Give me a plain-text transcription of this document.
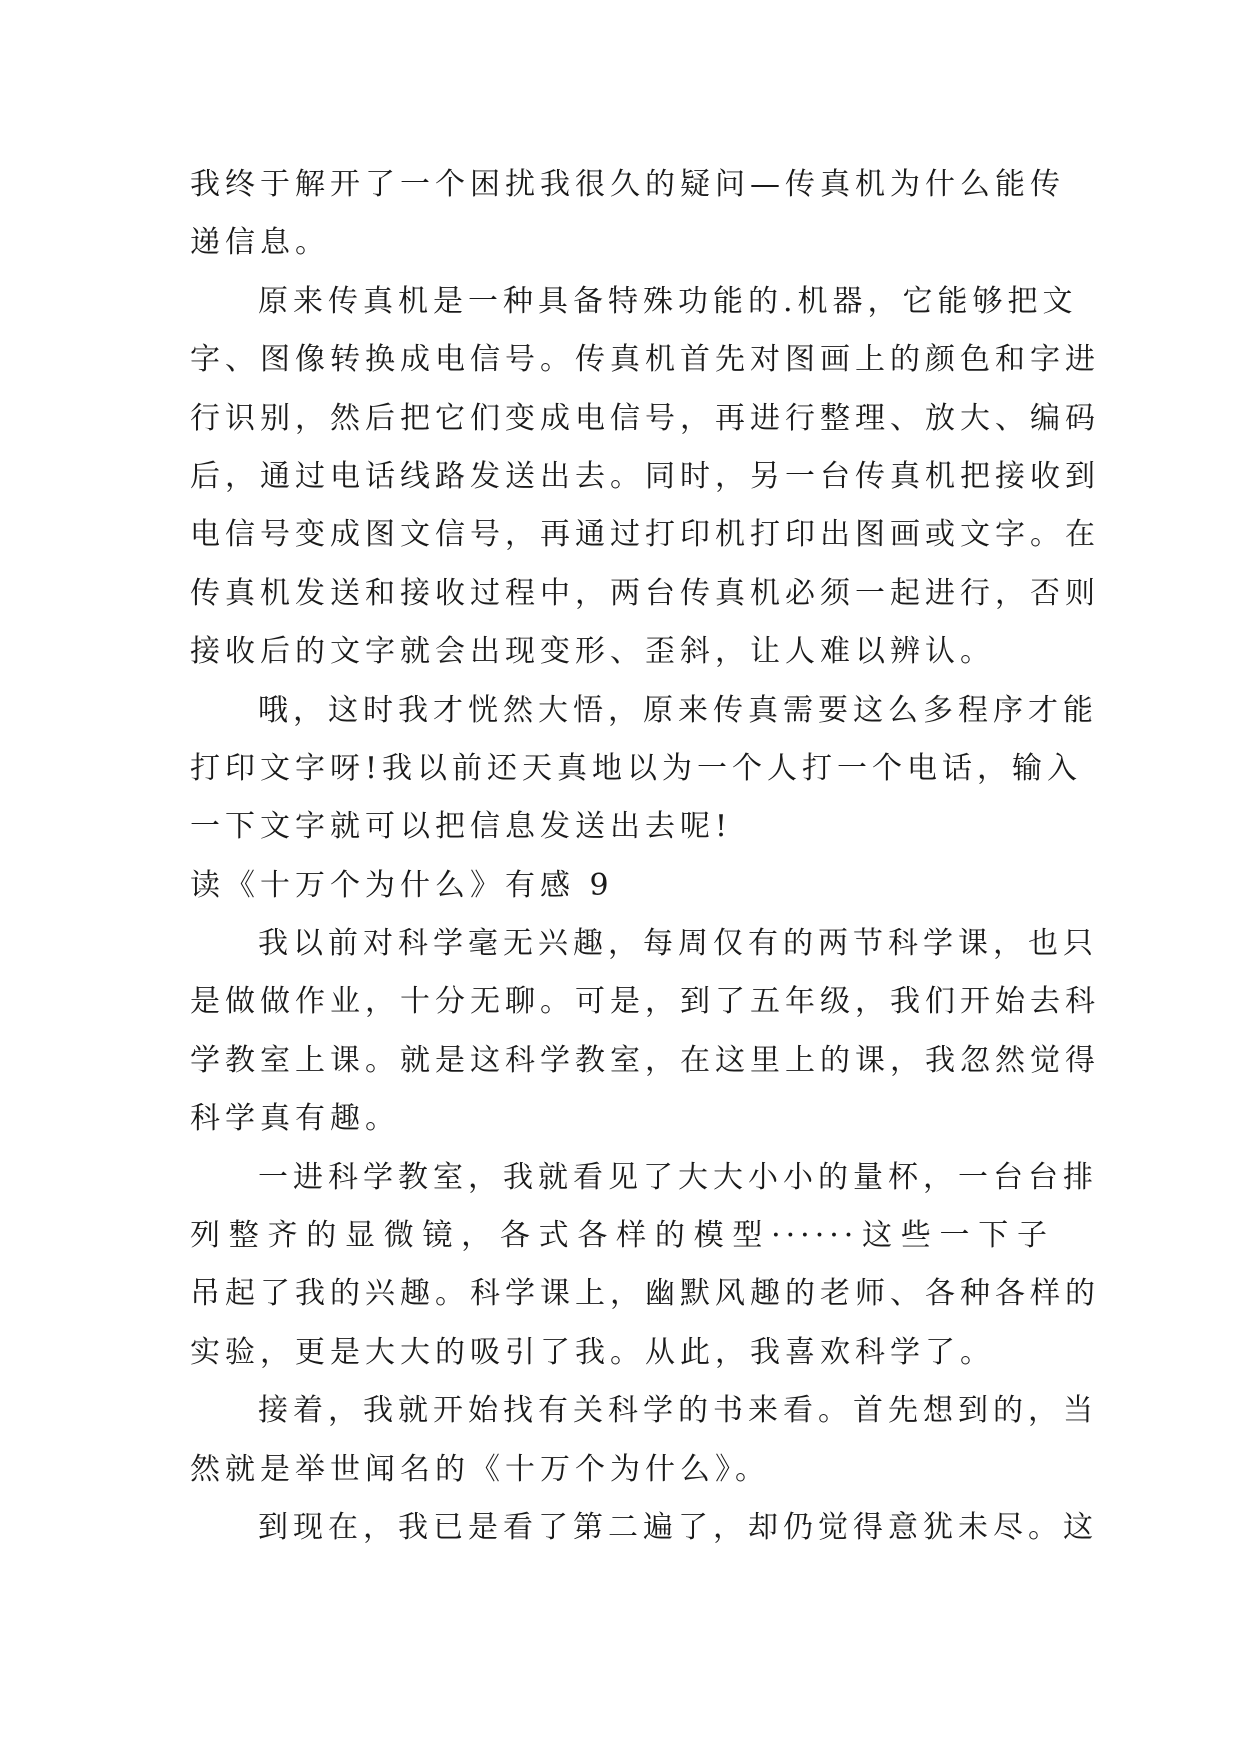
我终于解开了一个困扰我很久的疑问—传真机为什么能传
递信息。
原来传真机是一种具备特殊功能的.机器，它能够把文
字、图像转换成电信号。传真机首先对图画上的颜色和字进
行识别，然后把它们变成电信号，再进行整理、放大、编码
后，通过电话线路发送出去。同时，另一台传真机把接收到
电信号变成图文信号，再通过打印机打印出图画或文字。在
传真机发送和接收过程中，两台传真机必须一起进行，否则
接收后的文字就会出现变形、歪斜，让人难以辨认。
哦，这时我才恍然大悟，原来传真需要这么多程序才能
打印文字呀!我以前还天真地以为一个人打一个电话，输入
一下文字就可以把信息发送出去呢!
读《十万个为什么》有感 9
我以前对科学毫无兴趣，每周仅有的两节科学课，也只
是做做作业，十分无聊。可是，到了五年级，我们开始去科
学教室上课。就是这科学教室，在这里上的课，我忽然觉得
科学真有趣。
一进科学教室，我就看见了大大小小的量杯，一台台排
列整齐的显微镜，各式各样的模型······这些一下子
吊起了我的兴趣。科学课上，幽默风趣的老师、各种各样的
实验，更是大大的吸引了我。从此，我喜欢科学了。
接着，我就开始找有关科学的书来看。首先想到的，当
然就是举世闻名的《十万个为什么》。
到现在，我已是看了第二遍了，却仍觉得意犹未尽。这
